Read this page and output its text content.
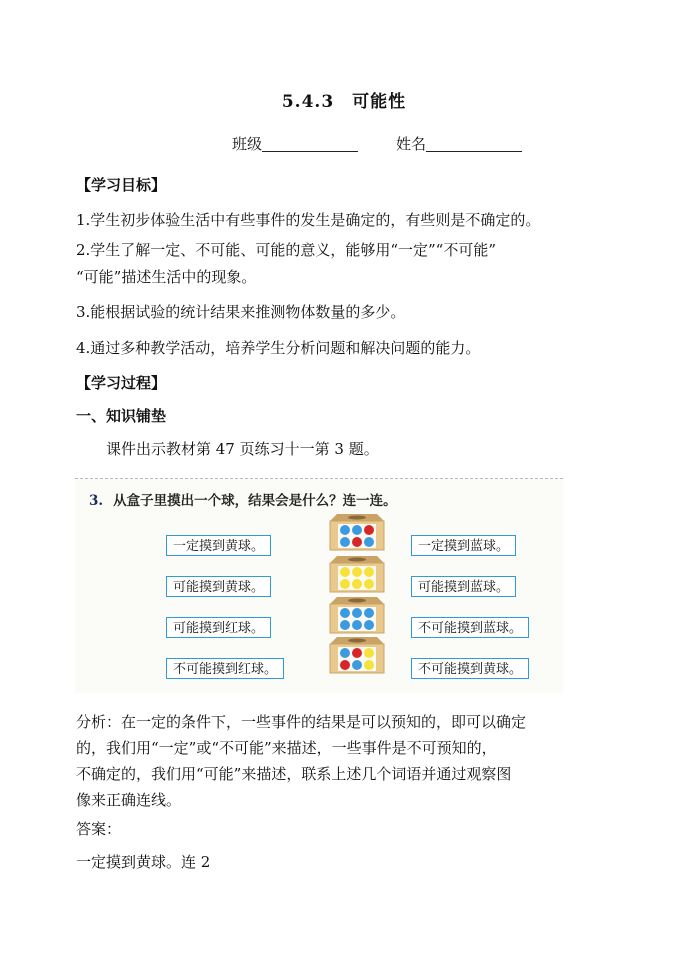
5.4.3　可能性
班级	姓名
【学习目标】
1.学生初步体验生活中有些事件的发生是确定的，有些则是不确定的。
2.学生了解一定、不可能、可能的意义，能够用“一定”“不可能”
“可能”描述生活中的现象。
3.能根据试验的统计结果来推测物体数量的多少。
4.通过多种教学活动，培养学生分析问题和解决问题的能力。
【学习过程】
一、知识铺垫
课件出示教材第 47 页练习十一第 3 题。
3. 从盒子里摸出一个球，结果会是什么？连一连。
一定摸到黄球。
可能摸到黄球。
可能摸到红球。
不可能摸到红球。
一定摸到蓝球。
可能摸到蓝球。
不可能摸到蓝球。
不可能摸到黄球。
分析：在一定的条件下，一些事件的结果是可以预知的，即可以确定
的，我们用“一定”或“不可能”来描述，一些事件是不可预知的，
不确定的，我们用“可能”来描述，联系上述几个词语并通过观察图
像来正确连线。
答案：
一定摸到黄球。连 2
